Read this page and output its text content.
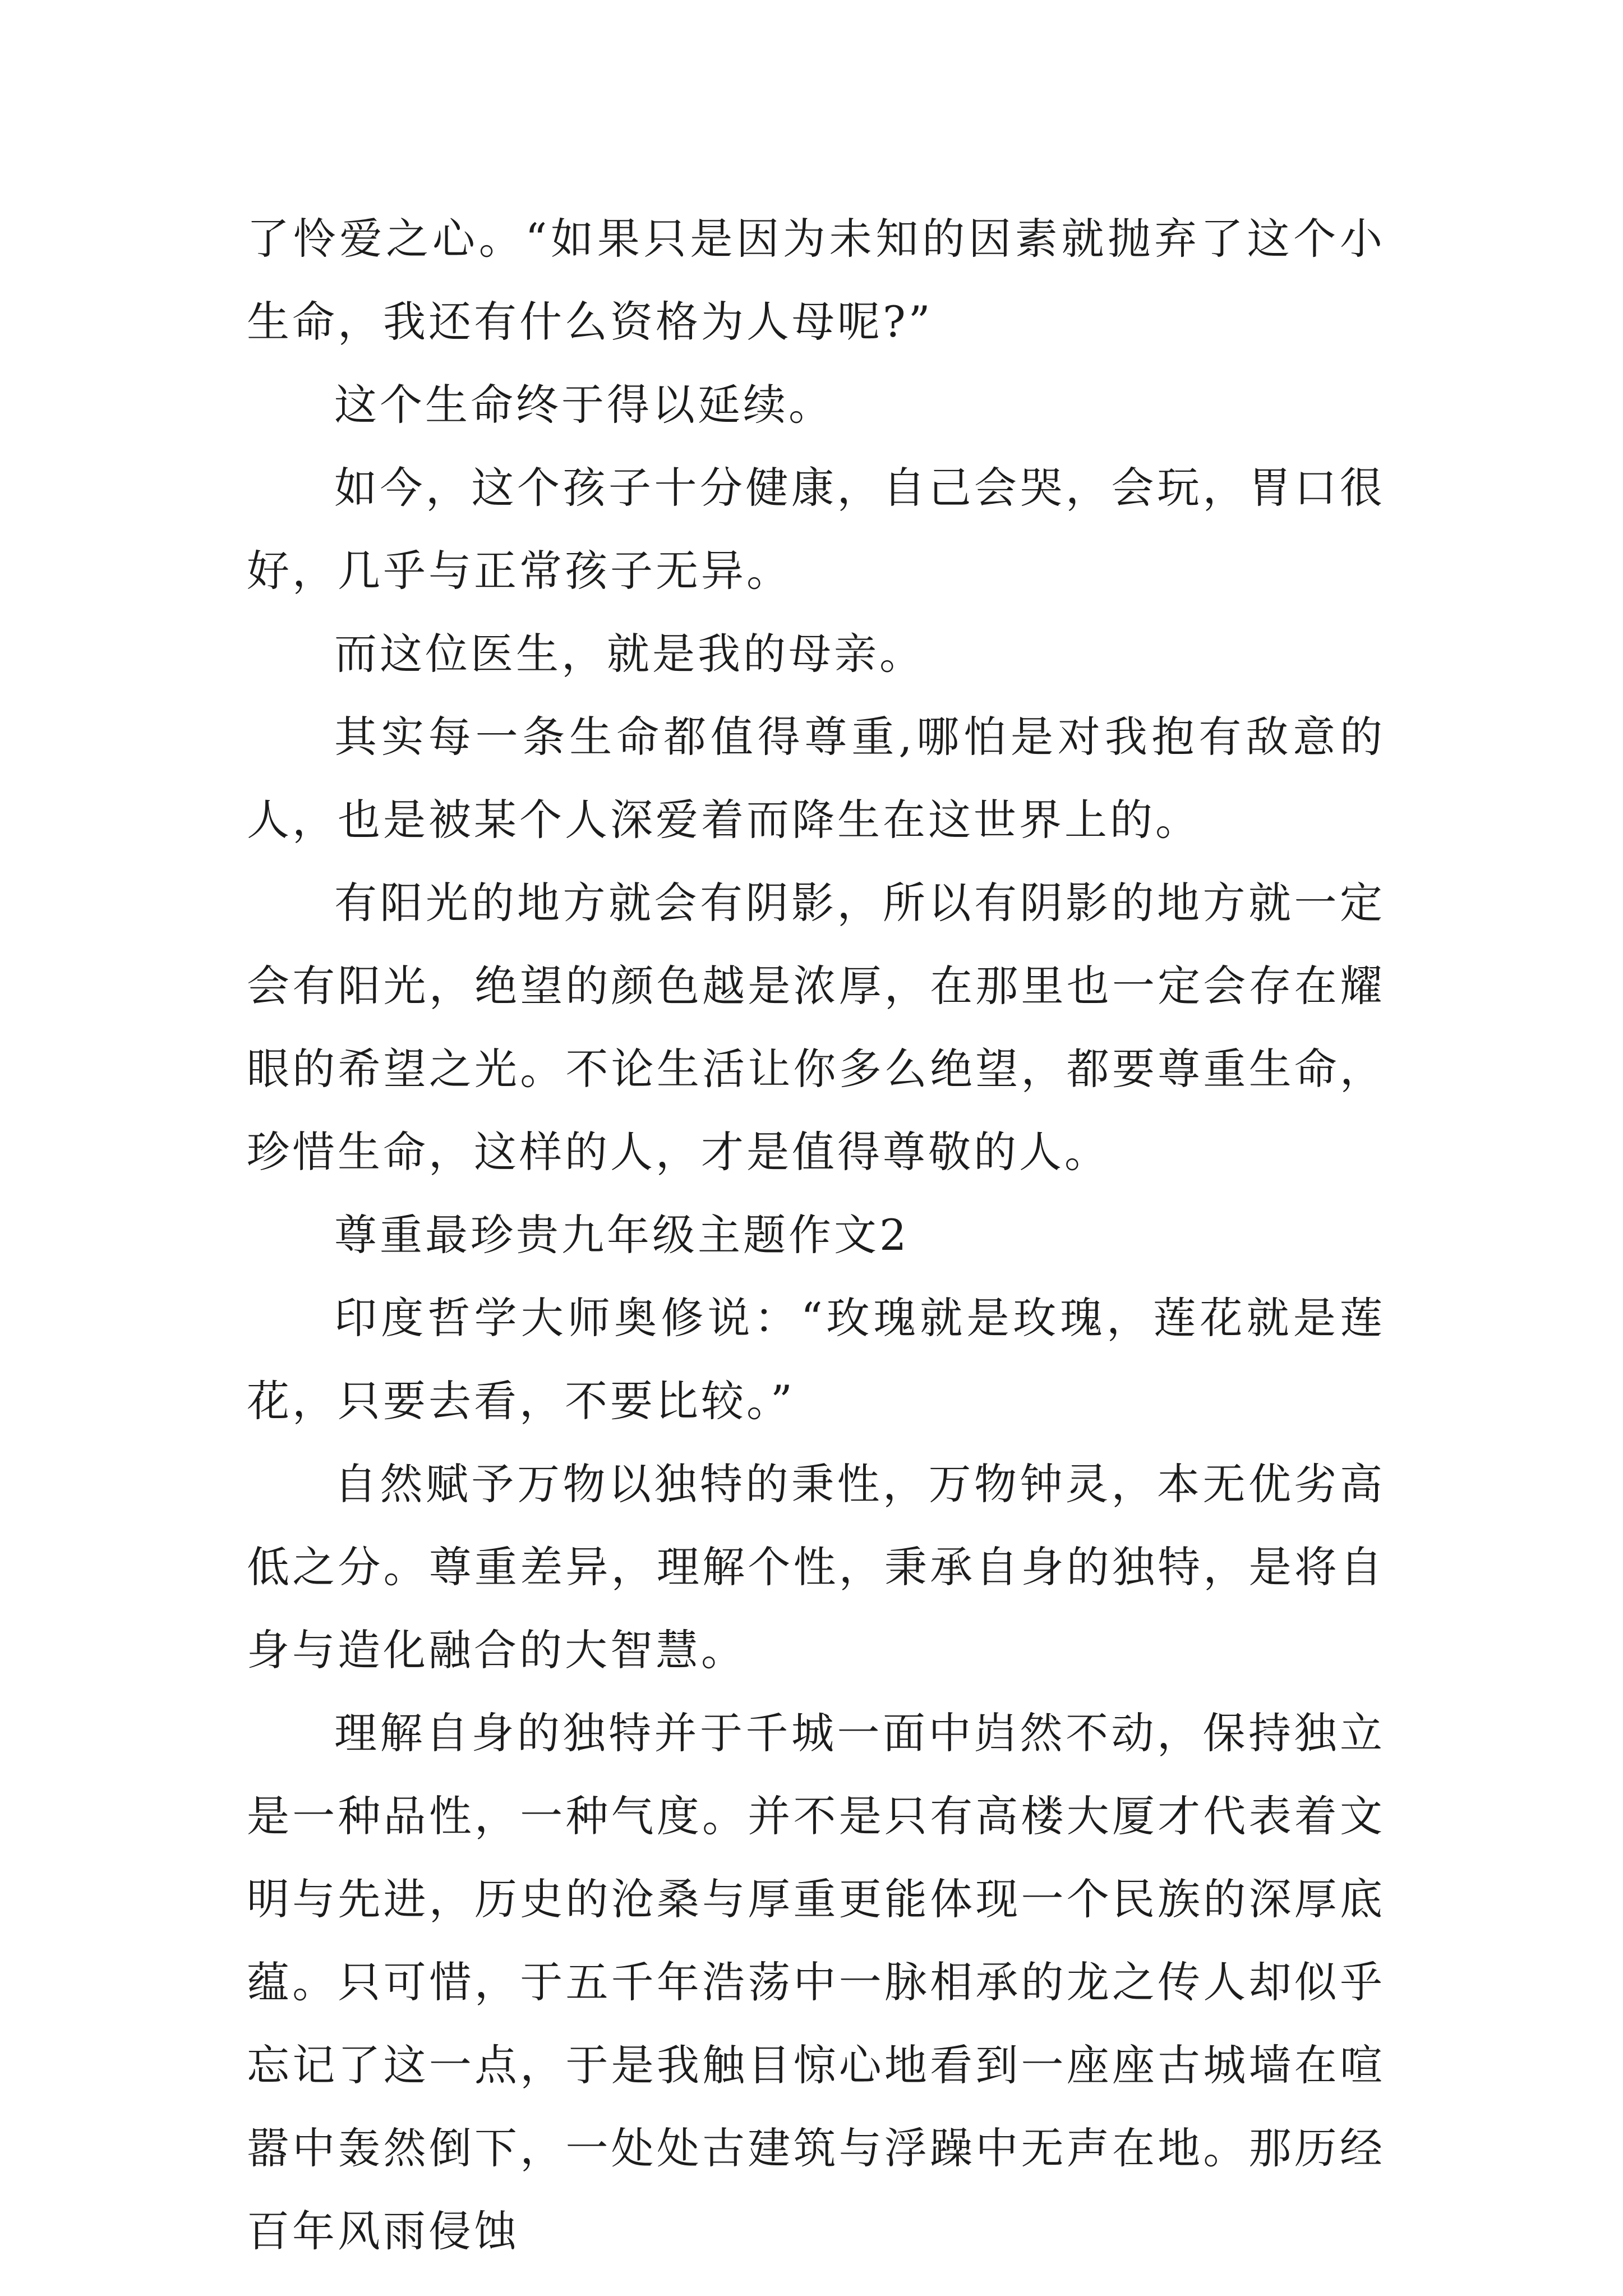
了怜爱之心。“如果只是因为未知的因素就抛弃了这个小生命，我还有什么资格为人母呢?”

这个生命终于得以延续。

如今，这个孩子十分健康，自己会哭，会玩，胃口很好，几乎与正常孩子无异。

而这位医生，就是我的母亲。

其实每一条生命都值得尊重,哪怕是对我抱有敌意的人，也是被某个人深爱着而降生在这世界上的。

有阳光的地方就会有阴影，所以有阴影的地方就一定会有阳光，绝望的颜色越是浓厚，在那里也一定会存在耀眼的希望之光。不论生活让你多么绝望，都要尊重生命，珍惜生命，这样的人，才是值得尊敬的人。

尊重最珍贵九年级主题作文2

印度哲学大师奥修说：“玫瑰就是玫瑰，莲花就是莲花，只要去看，不要比较。”

自然赋予万物以独特的秉性，万物钟灵，本无优劣高低之分。尊重差异，理解个性，秉承自身的独特，是将自身与造化融合的大智慧。

理解自身的独特并于千城一面中岿然不动，保持独立是一种品性，一种气度。并不是只有高楼大厦才代表着文明与先进，历史的沧桑与厚重更能体现一个民族的深厚底蕴。只可惜，于五千年浩荡中一脉相承的龙之传人却似乎忘记了这一点，于是我触目惊心地看到一座座古城墙在喧嚣中轰然倒下，一处处古建筑与浮躁中无声在地。那历经百年风雨侵蚀
